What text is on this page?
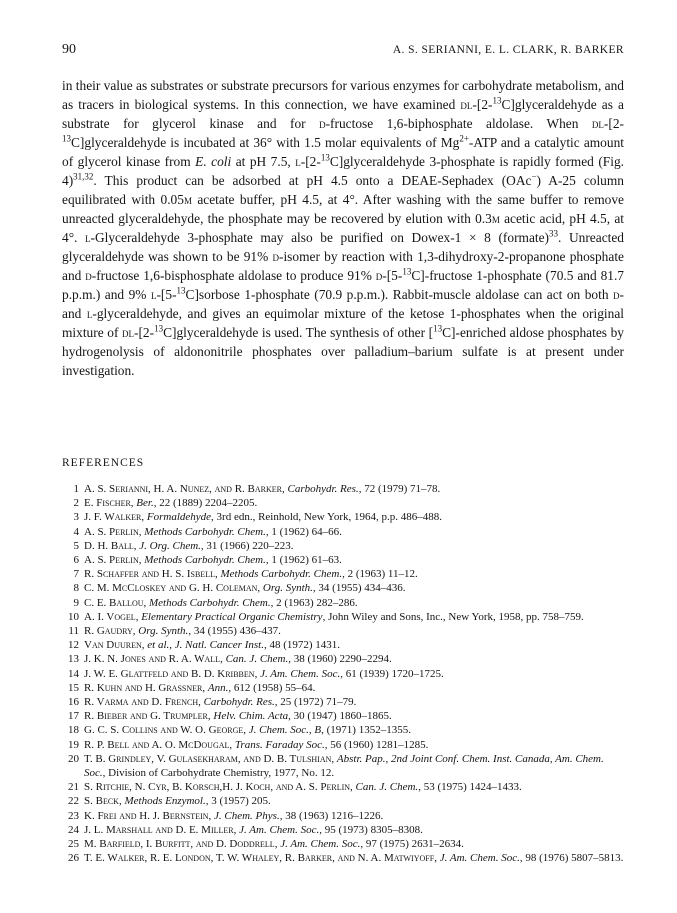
90	A. S. SERIANNI, E. L. CLARK, R. BARKER

in their value as substrates or substrate precursors for various enzymes for carbohydrate metabolism, and as tracers in biological systems. In this connection, we have examined dl-[2-$^{13}$C]glyceraldehyde as a substrate for glycerol kinase and for d-fructose 1,6-biphosphate aldolase. When dl-[2-$^{13}$C]glyceraldehyde is incubated at 36° with 1.5 molar equivalents of $Mg^{2+}$-ATP and a catalytic amount of glycerol kinase from E. coli at pH 7.5, l-[2-$^{13}$C]glyceraldehyde 3-phosphate is rapidly formed (Fig. 4)$^{31,32}$. This product can be adsorbed at pH 4.5 onto a DEAE-Sephadex (OAc−) A-25 column equilibrated with 0.05m acetate buffer, pH 4.5, at 4°. After washing with the same buffer to remove unreacted glyceraldehyde, the phosphate may be recovered by elution with 0.3m acetic acid, pH 4.5, at 4°. l-Glyceraldehyde 3-phosphate may also be purified on Dowex-1 × 8 (formate)$^{33}$. Unreacted glyceraldehyde was shown to be 91% d-isomer by reaction with 1,3-dihydroxy-2-propanone phosphate and d-fructose 1,6-bisphosphate aldolase to produce 91% d-[5-$^{13}$C]-fructose 1-phosphate (70.5 and 81.7 p.p.m.) and 9% l-[5-$^{13}$C]sorbose 1-phosphate (70.9 p.p.m.). Rabbit-muscle aldolase can act on both d- and l-glyceraldehyde, and gives an equimolar mixture of the ketose 1-phosphates when the original mixture of dl-[2-$^{13}$C]glyceraldehyde is used. The synthesis of other [$^{13}$C]-enriched aldose phosphates by hydrogenolysis of aldononitrile phosphates over palladium–barium sulfate is at present under investigation.

REFERENCES
1 A. S. Serianni, H. A. Nunez, and R. Barker, Carbohydr. Res., 72 (1979) 71–78.
2 E. Fischer, Ber., 22 (1889) 2204–2205.
3 J. F. Walker, Formaldehyde, 3rd edn., Reinhold, New York, 1964, p.p. 486–488.
4 A. S. Perlin, Methods Carbohydr. Chem., 1 (1962) 64–66.
5 D. H. Ball, J. Org. Chem., 31 (1966) 220–223.
6 A. S. Perlin, Methods Carbohydr. Chem., 1 (1962) 61–63.
7 R. Schaffer and H. S. Isbell, Methods Carbohydr. Chem., 2 (1963) 11–12.
8 C. M. McCloskey and G. H. Coleman, Org. Synth., 34 (1955) 434–436.
9 C. E. Ballou, Methods Carbohydr. Chem., 2 (1963) 282–286.
10 A. I. Vogel, Elementary Practical Organic Chemistry, John Wiley and Sons, Inc., New York, 1958, pp. 758–759.
11 R. Gaudry, Org. Synth., 34 (1955) 436–437.
12 Van Duuren, et al., J. Natl. Cancer Inst., 48 (1972) 1431.
13 J. K. N. Jones and R. A. Wall, Can. J. Chem., 38 (1960) 2290–2294.
14 J. W. E. Glattfeld and B. D. Kribben, J. Am. Chem. Soc., 61 (1939) 1720–1725.
15 R. Kuhn and H. Grassner, Ann., 612 (1958) 55–64.
16 R. Varma and D. French, Carbohydr. Res., 25 (1972) 71–79.
17 R. Bieber and G. Trumpler, Helv. Chim. Acta, 30 (1947) 1860–1865.
18 G. C. S. Collins and W. O. George, J. Chem. Soc., B, (1971) 1352–1355.
19 R. P. Bell and A. O. McDougal, Trans. Faraday Soc., 56 (1960) 1281–1285.
20 T. B. Grindley, V. Gulasekharam, and D. B. Tulshian, Abstr. Pap., 2nd Joint Conf. Chem. Inst. Canada, Am. Chem. Soc., Division of Carbohydrate Chemistry, 1977, No. 12.
21 S. Ritchie, N. Cyr, B. Korsch,H. J. Koch, and A. S. Perlin, Can. J. Chem., 53 (1975) 1424–1433.
22 S. Beck, Methods Enzymol., 3 (1957) 205.
23 K. Frei and H. J. Bernstein, J. Chem. Phys., 38 (1963) 1216–1226.
24 J. L. Marshall and D. E. Miller, J. Am. Chem. Soc., 95 (1973) 8305–8308.
25 M. Barfield, I. Burfitt, and D. Doddrell, J. Am. Chem. Soc., 97 (1975) 2631–2634.
26 T. E. Walker, R. E. London, T. W. Whaley, R. Barker, and N. A. Matwiyoff, J. Am. Chem. Soc., 98 (1976) 5807–5813.
